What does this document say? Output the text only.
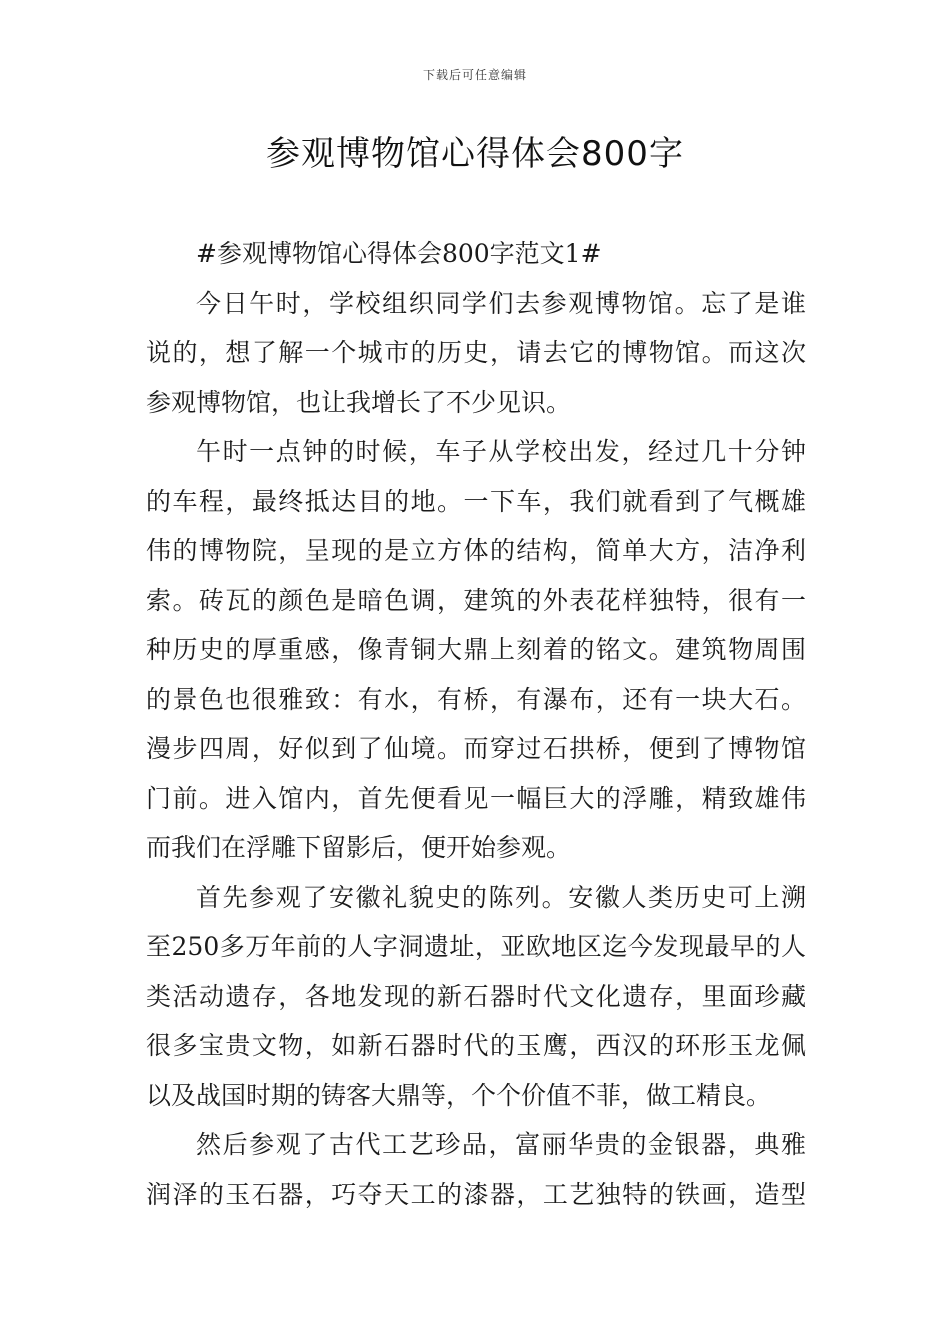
下载后可任意编辑
参观博物馆心得体会800字

#参观博物馆心得体会800字范文1#

今日午时，学校组织同学们去参观博物馆。忘了是谁
说的，想了解一个城市的历史，请去它的博物馆。而这次
参观博物馆，也让我增长了不少见识。
午时一点钟的时候，车子从学校出发，经过几十分钟
的车程，最终抵达目的地。一下车，我们就看到了气概雄
伟的博物院，呈现的是立方体的结构，简单大方，洁净利
索。砖瓦的颜色是暗色调，建筑的外表花样独特，很有一
种历史的厚重感，像青铜大鼎上刻着的铭文。建筑物周围
的景色也很雅致：有水，有桥，有瀑布，还有一块大石。
漫步四周，好似到了仙境。而穿过石拱桥，便到了博物馆
门前。进入馆内，首先便看见一幅巨大的浮雕，精致雄伟
而我们在浮雕下留影后，便开始参观。
首先参观了安徽礼貌史的陈列。安徽人类历史可上溯
至250多万年前的人字洞遗址，亚欧地区迄今发现最早的人
类活动遗存，各地发现的新石器时代文化遗存，里面珍藏
很多宝贵文物，如新石器时代的玉鹰，西汉的环形玉龙佩
以及战国时期的铸客大鼎等，个个价值不菲，做工精良。
然后参观了古代工艺珍品，富丽华贵的金银器，典雅
润泽的玉石器，巧夺天工的漆器，工艺独特的铁画，造型
